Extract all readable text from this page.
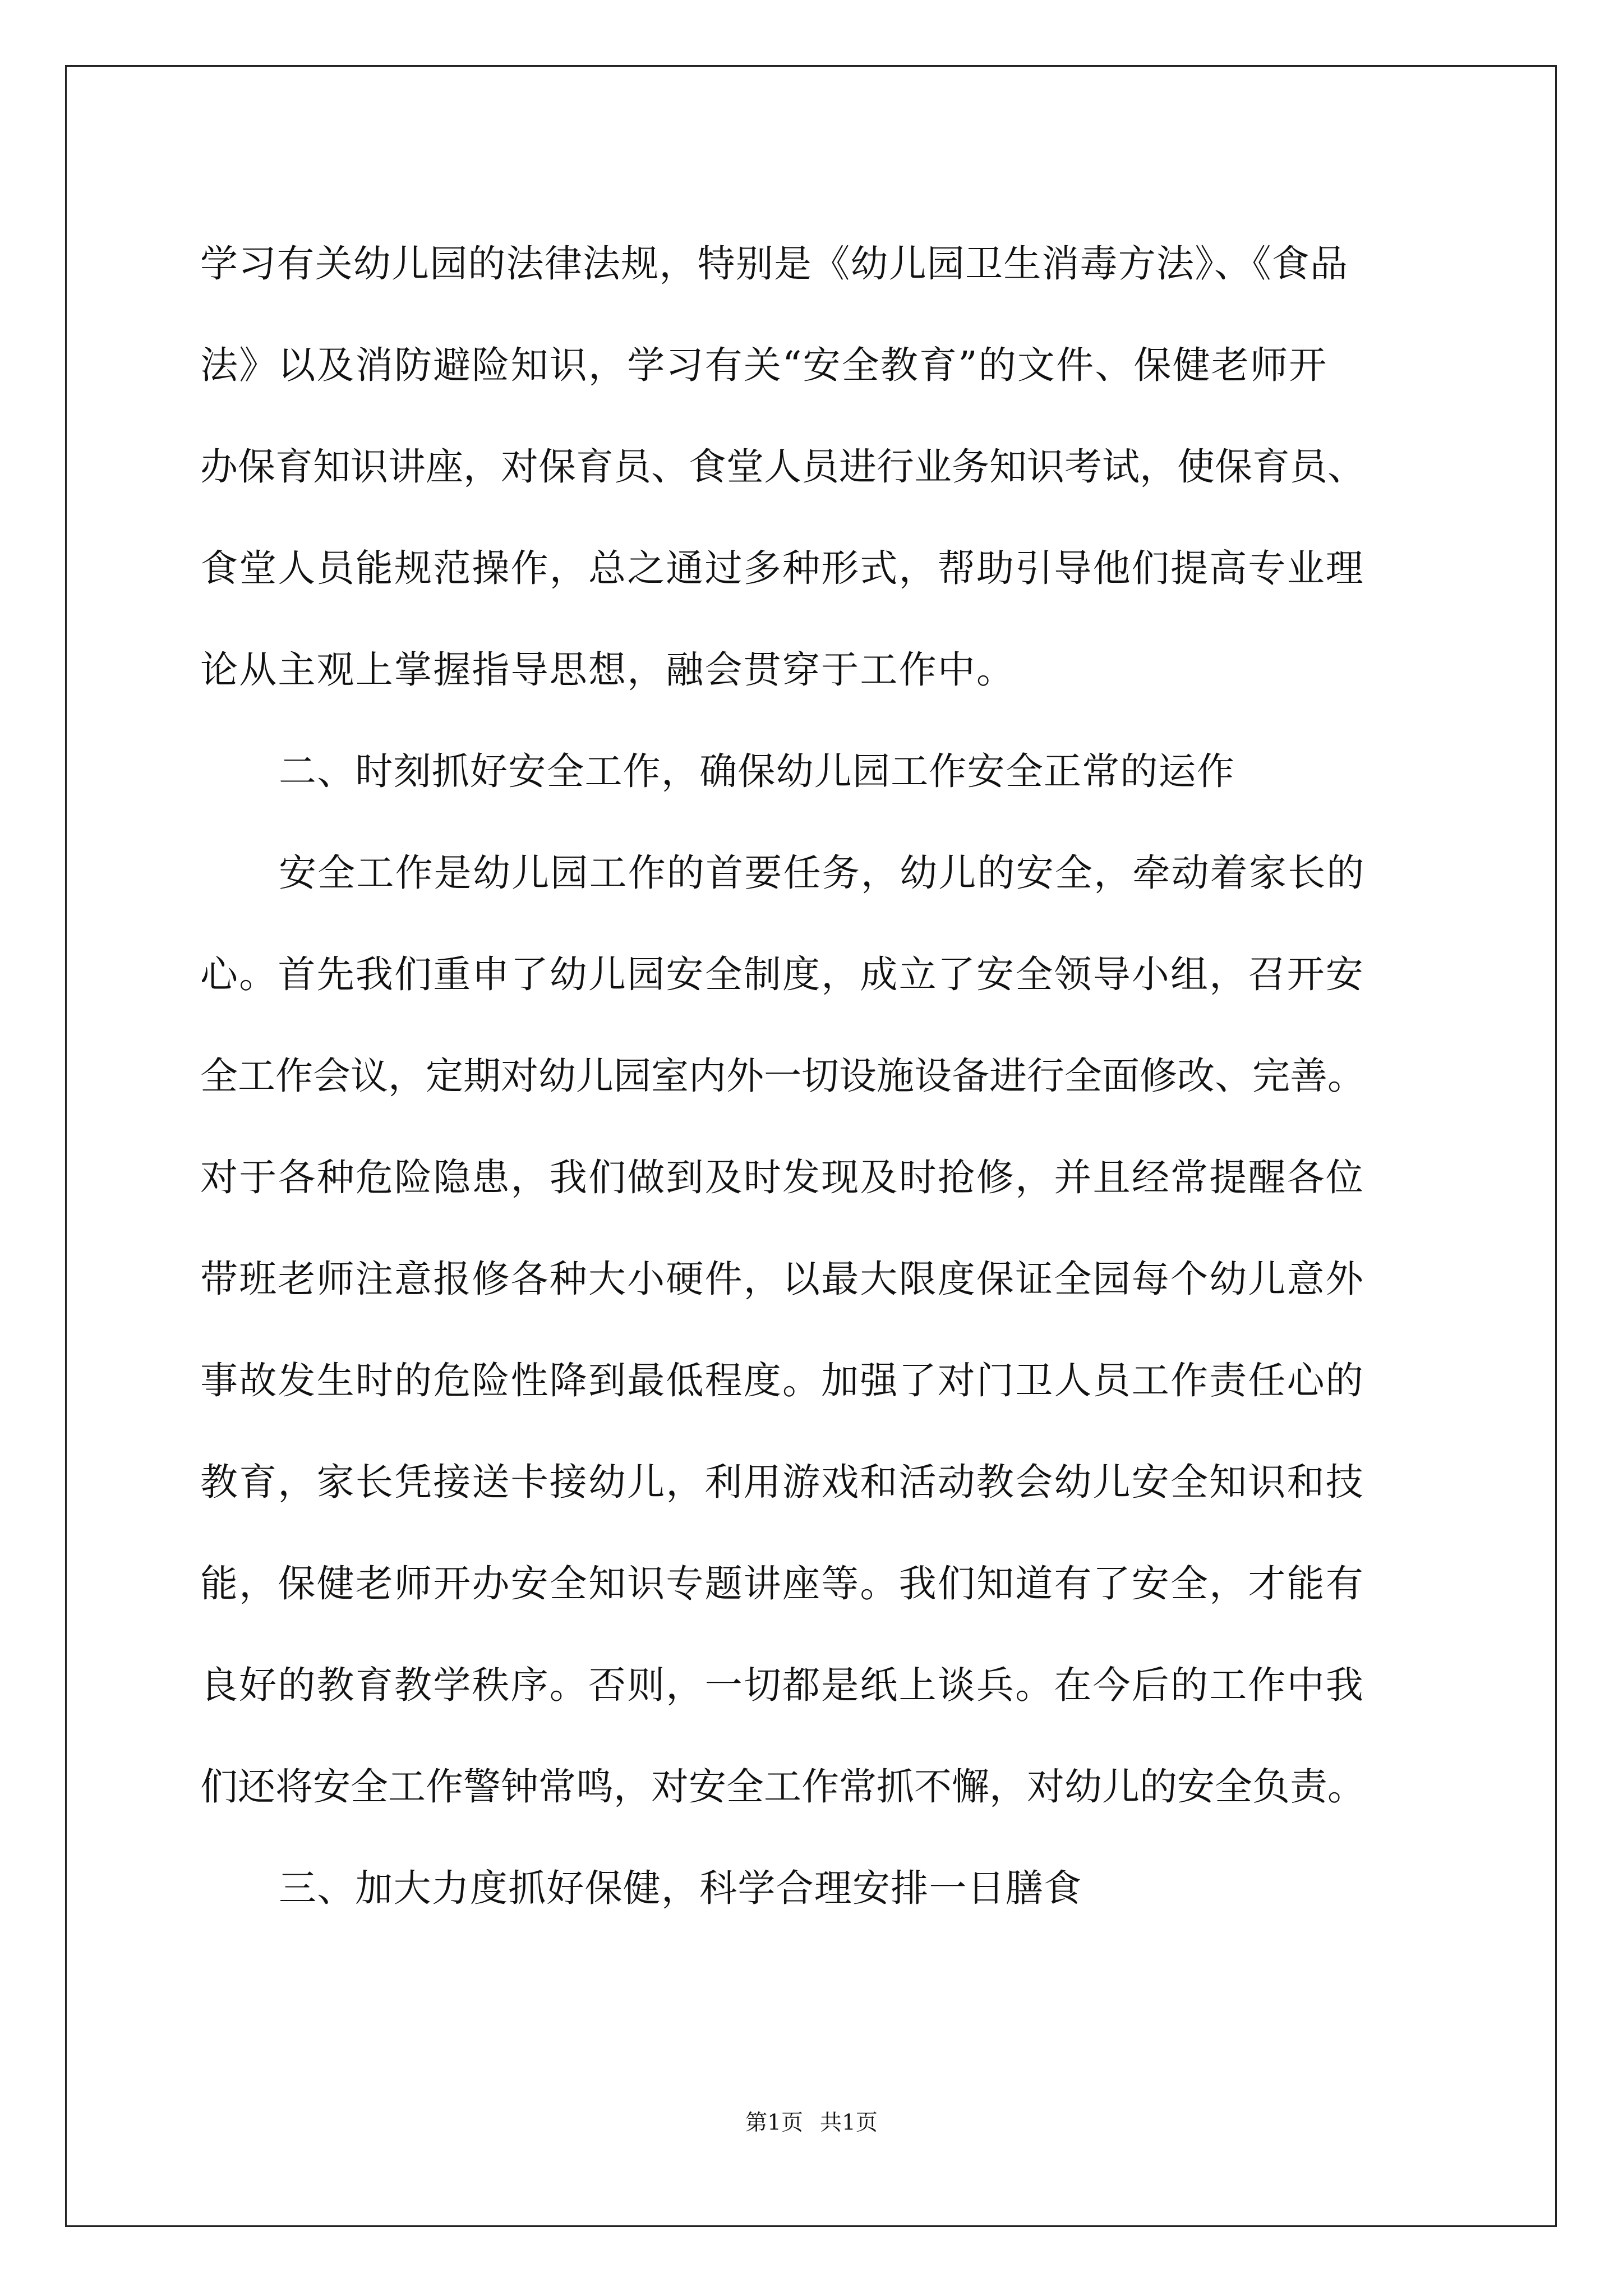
学习有关幼儿园的法律法规，特别是《幼儿园卫生消毒方法》、《食品

法》以及消防避险知识，学习有关“安全教育”的文件、保健老师开

办保育知识讲座，对保育员、食堂人员进行业务知识考试，使保育员、

食堂人员能规范操作，总之通过多种形式，帮助引导他们提高专业理

论从主观上掌握指导思想，融会贯穿于工作中。

二、时刻抓好安全工作，确保幼儿园工作安全正常的运作

安全工作是幼儿园工作的首要任务，幼儿的安全，牵动着家长的

心。首先我们重申了幼儿园安全制度，成立了安全领导小组，召开安

全工作会议，定期对幼儿园室内外一切设施设备进行全面修改、完善。

对于各种危险隐患，我们做到及时发现及时抢修，并且经常提醒各位

带班老师注意报修各种大小硬件，以最大限度保证全园每个幼儿意外

事故发生时的危险性降到最低程度。加强了对门卫人员工作责任心的

教育，家长凭接送卡接幼儿，利用游戏和活动教会幼儿安全知识和技

能，保健老师开办安全知识专题讲座等。我们知道有了安全，才能有

良好的教育教学秩序。否则，一切都是纸上谈兵。在今后的工作中我

们还将安全工作警钟常鸣，对安全工作常抓不懈，对幼儿的安全负责。

三、加大力度抓好保健，科学合理安排一日膳食

第1页 共1页
